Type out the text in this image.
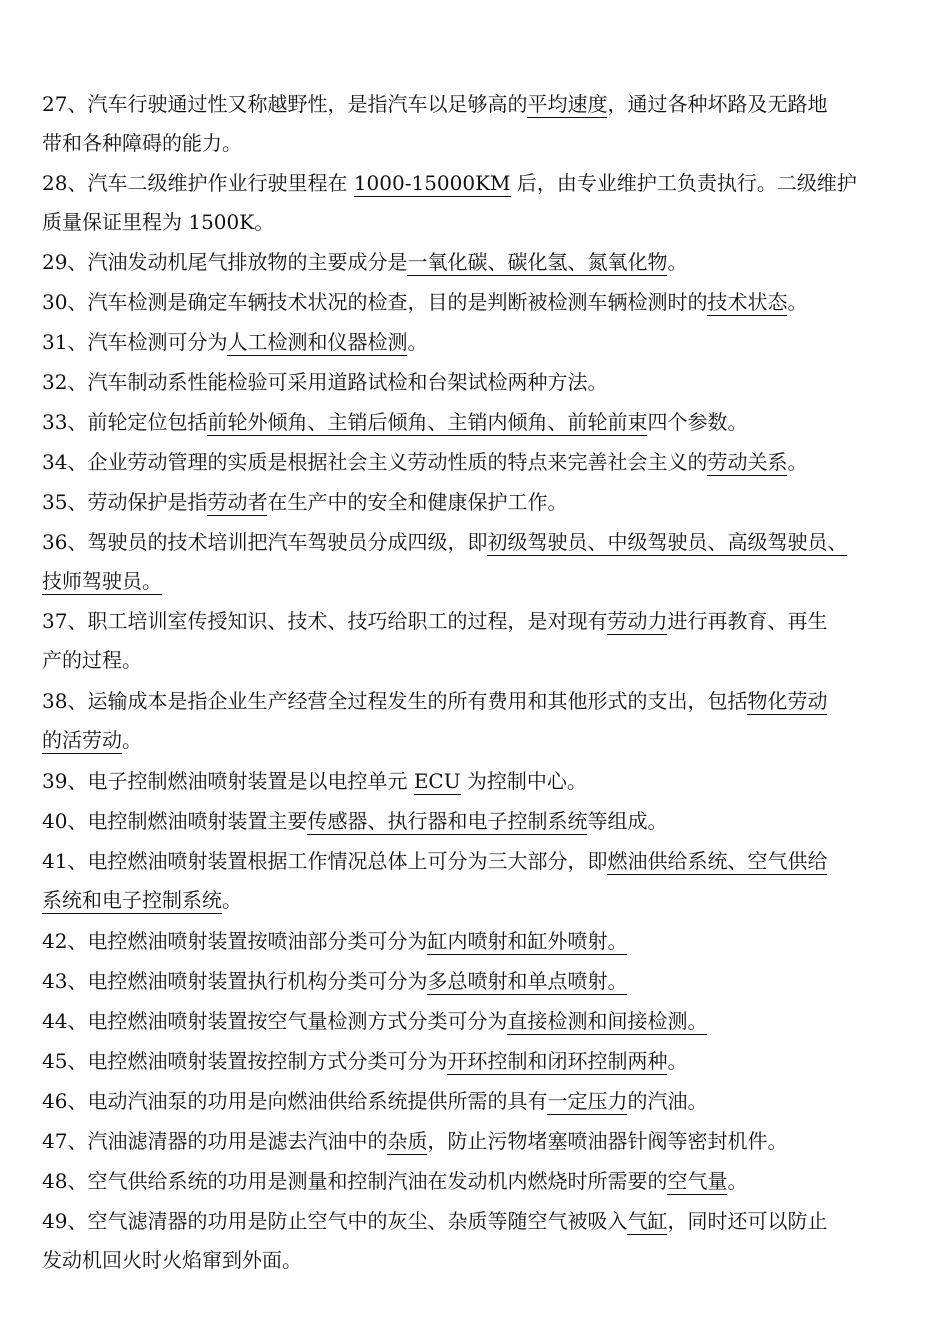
27、汽车行驶通过性又称越野性，是指汽车以足够高的平均速度，通过各种坏路及无路地
带和各种障碍的能力。
28、汽车二级维护作业行驶里程在 1000-15000KM 后，由专业维护工负责执行。二级维护
质量保证里程为 1500K。
29、汽油发动机尾气排放物的主要成分是一氧化碳、碳化氢、氮氧化物。
30、汽车检测是确定车辆技术状况的检查，目的是判断被检测车辆检测时的技术状态。
31、汽车检测可分为人工检测和仪器检测。
32、汽车制动系性能检验可采用道路试检和台架试检两种方法。
33、前轮定位包括前轮外倾角、主销后倾角、主销内倾角、前轮前束四个参数。
34、企业劳动管理的实质是根据社会主义劳动性质的特点来完善社会主义的劳动关系。
35、劳动保护是指劳动者在生产中的安全和健康保护工作。
36、驾驶员的技术培训把汽车驾驶员分成四级，即初级驾驶员、中级驾驶员、高级驾驶员、
技师驾驶员。
37、职工培训室传授知识、技术、技巧给职工的过程，是对现有劳动力进行再教育、再生
产的过程。
38、运输成本是指企业生产经营全过程发生的所有费用和其他形式的支出，包括物化劳动
的活劳动。
39、电子控制燃油喷射装置是以电控单元 ECU 为控制中心。
40、电控制燃油喷射装置主要传感器、执行器和电子控制系统等组成。
41、电控燃油喷射装置根据工作情况总体上可分为三大部分，即燃油供给系统、空气供给
系统和电子控制系统。
42、电控燃油喷射装置按喷油部分类可分为缸内喷射和缸外喷射。
43、电控燃油喷射装置执行机构分类可分为多总喷射和单点喷射。
44、电控燃油喷射装置按空气量检测方式分类可分为直接检测和间接检测。
45、电控燃油喷射装置按控制方式分类可分为开环控制和闭环控制两种。
46、电动汽油泵的功用是向燃油供给系统提供所需的具有一定压力的汽油。
47、汽油滤清器的功用是滤去汽油中的杂质，防止污物堵塞喷油器针阀等密封机件。
48、空气供给系统的功用是测量和控制汽油在发动机内燃烧时所需要的空气量。
49、空气滤清器的功用是防止空气中的灰尘、杂质等随空气被吸入气缸，同时还可以防止
发动机回火时火焰窜到外面。
